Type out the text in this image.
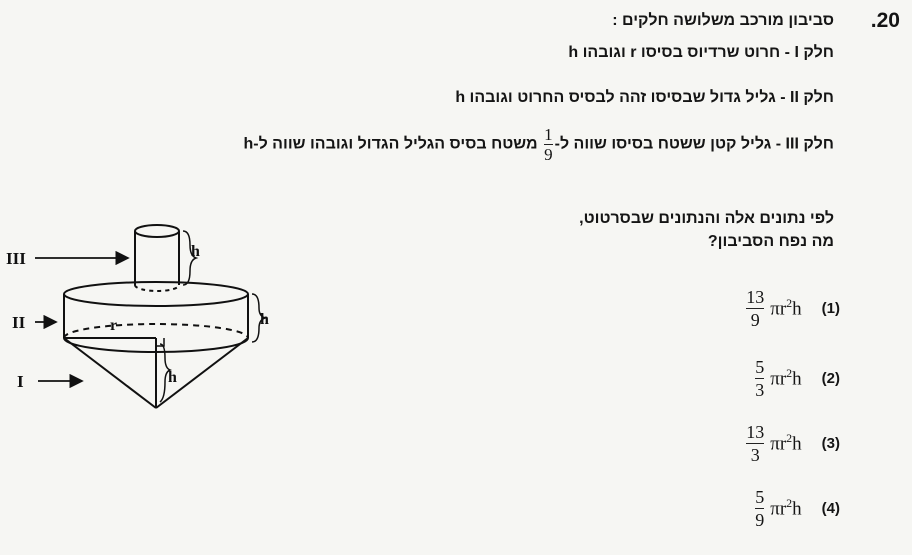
.20
סביבון מורכב משלושה חלקים :
חלק I - חרוט שרדיוס בסיסו r וגובהו h
חלק II - גליל גדול שבסיסו זהה לבסיס החרוט וגובהו h
חלק III - גליל קטן ששטח בסיסו שווה ל-
$\frac{1}{9}$
משטח בסיס הגליל הגדול וגובהו שווה ל-h
לפי נתונים אלה והנתונים שבסרטוט,
מה נפח הסביבון?
$\frac{13}{9} \pi r^2h$ (1)
$\frac{5}{3} \pi r^2h$ (2)
$\frac{13}{3} \pi r^2h$ (3)
$\frac{5}{9} \pi r^2h$ (4)
III
II
I
r
h
h
h
